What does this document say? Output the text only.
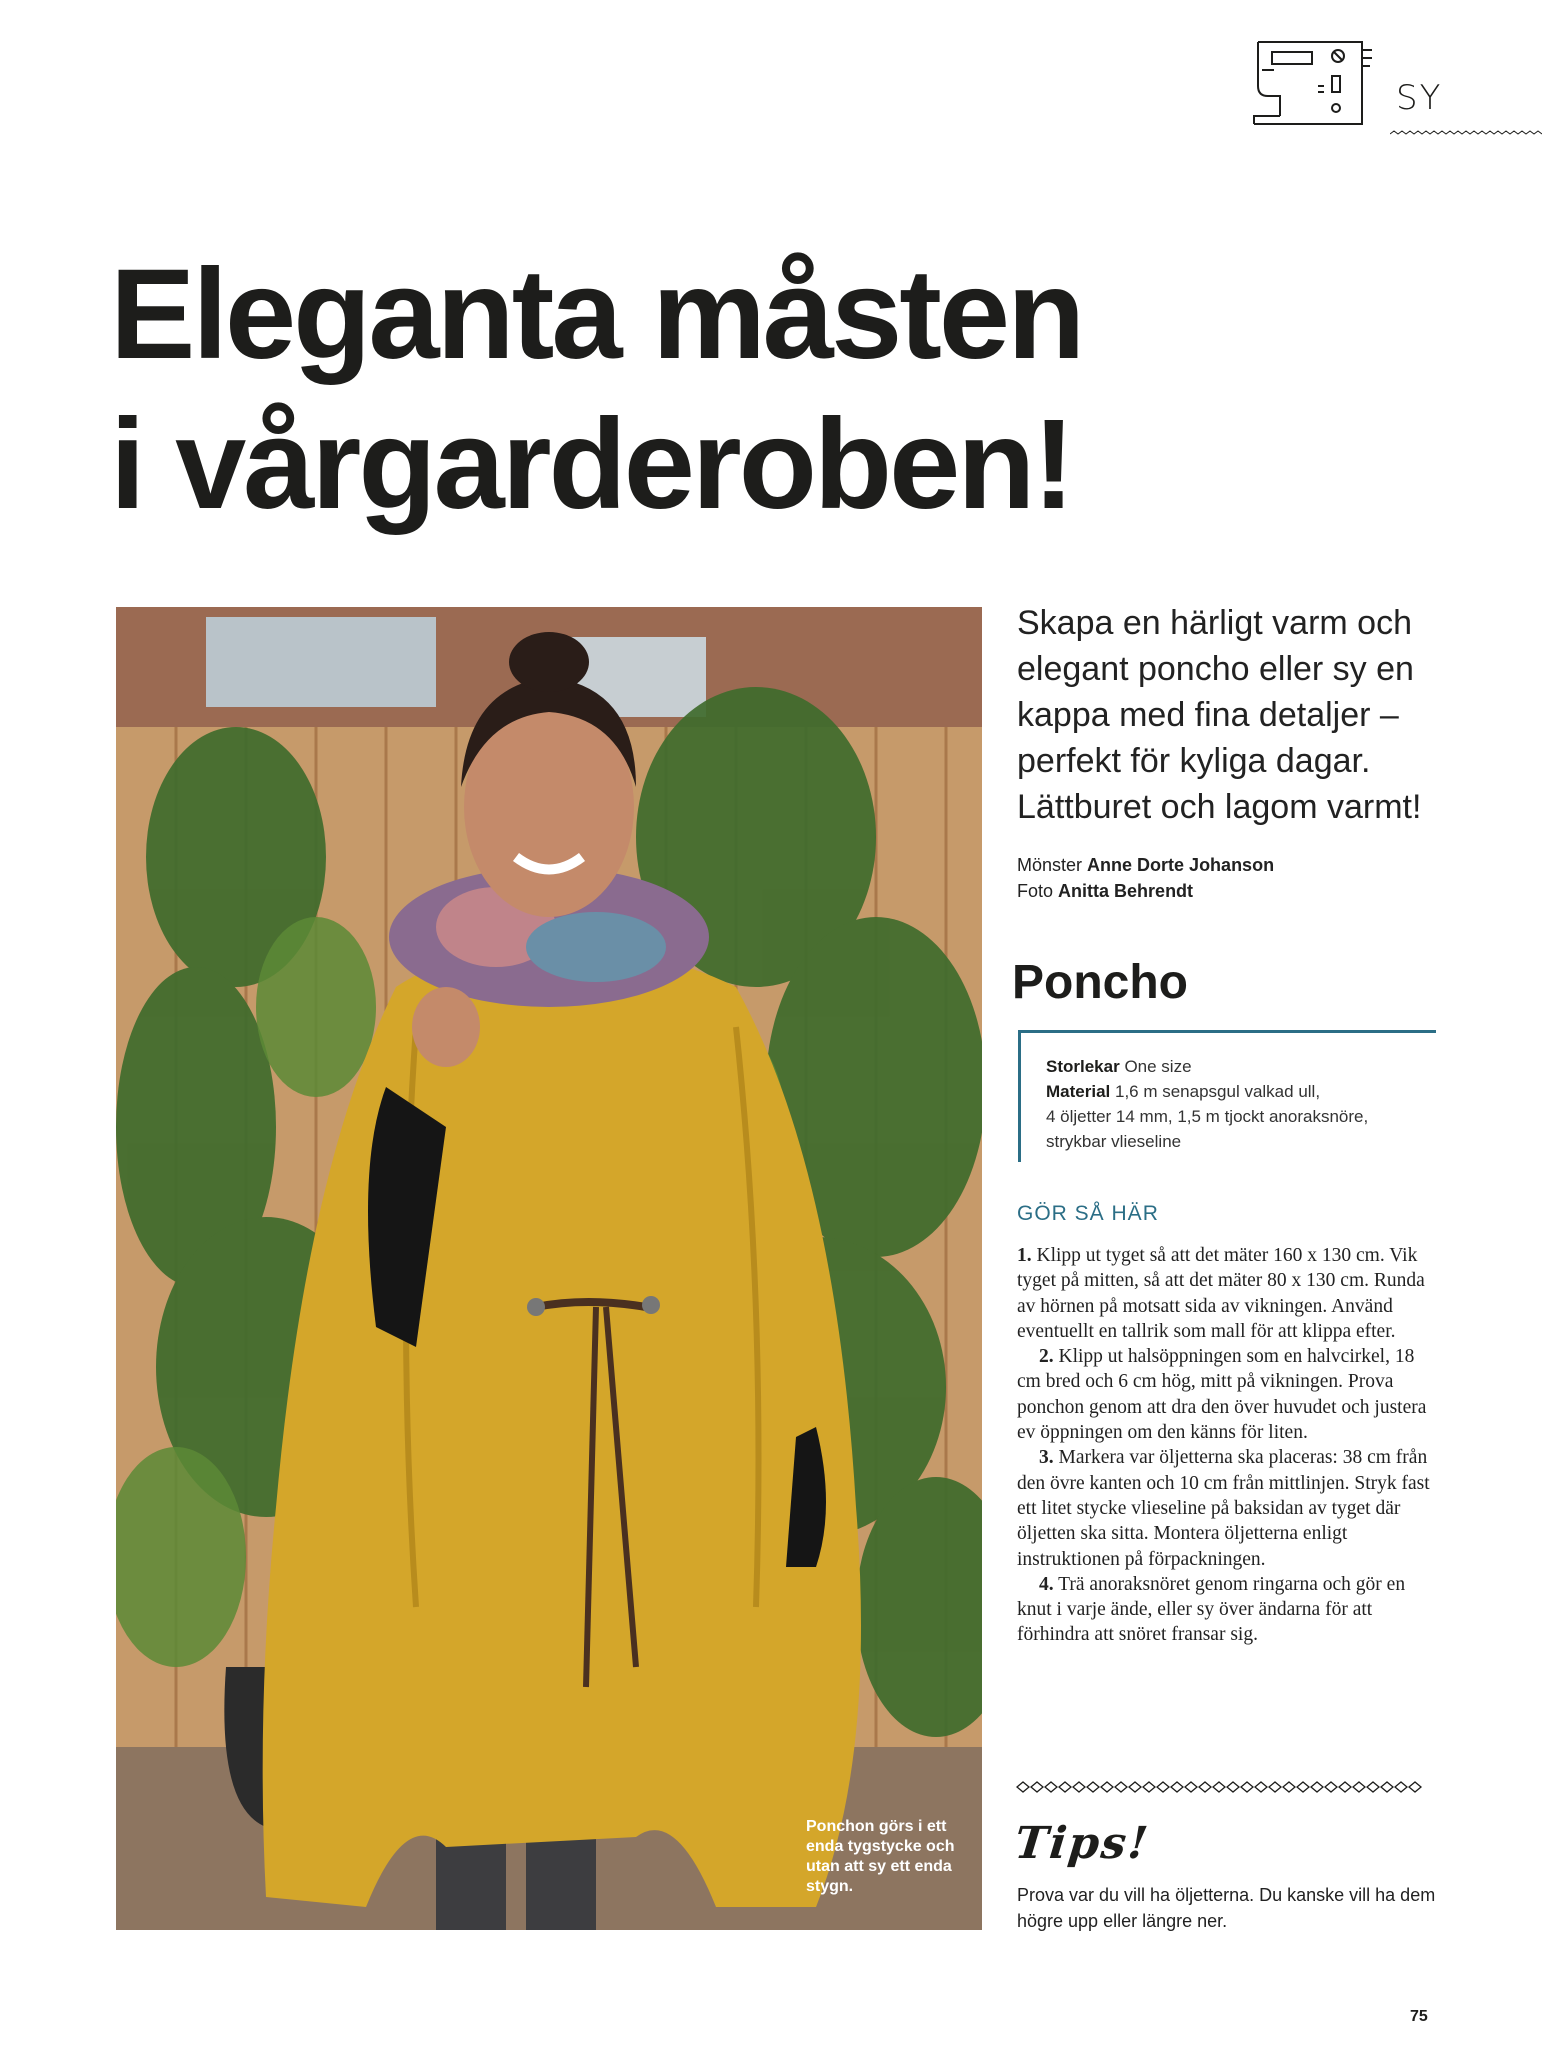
SY
Eleganta måsten
i vårgarderoben!

Ponchon görs i ett enda tygstycke och utan att sy ett enda stygn.

Skapa en härligt varm och elegant poncho eller sy en kappa med fina detaljer – perfekt för kyliga dagar. Lättburet och lagom varmt!

Mönster Anne Dorte Johanson
Foto Anitta Behrendt
Poncho
Storlekar One size
Material 1,6 m senapsgul valkad ull,
4 öljetter 14 mm, 1,5 m tjockt anoraksnöre,
strykbar vlieseline
GÖR SÅ HÄR

1. Klipp ut tyget så att det mäter 160 x 130 cm. Vik tyget på mitten, så att det mäter 80 x 130 cm. Runda av hörnen på motsatt sida av vikningen. Använd eventuellt en tallrik som mall för att klippa efter.

2. Klipp ut halsöppningen som en halvcirkel, 18 cm bred och 6 cm hög, mitt på vikningen. Prova ponchon genom att dra den över huvudet och justera ev öppningen om den känns för liten.

3. Markera var öljetterna ska placeras: 38 cm från den övre kanten och 10 cm från mittlinjen. Stryk fast ett litet stycke vlieseline på baksidan av tyget där öljetten ska sitta. Montera öljetterna enligt instruktionen på förpackningen.

4. Trä anoraksnöret genom ringarna och gör en knut i varje ände, eller sy över ändarna för att förhindra att snöret fransar sig.

Tips!
Prova var du vill ha öljetterna. Du kanske vill ha dem högre upp eller längre ner.
75
